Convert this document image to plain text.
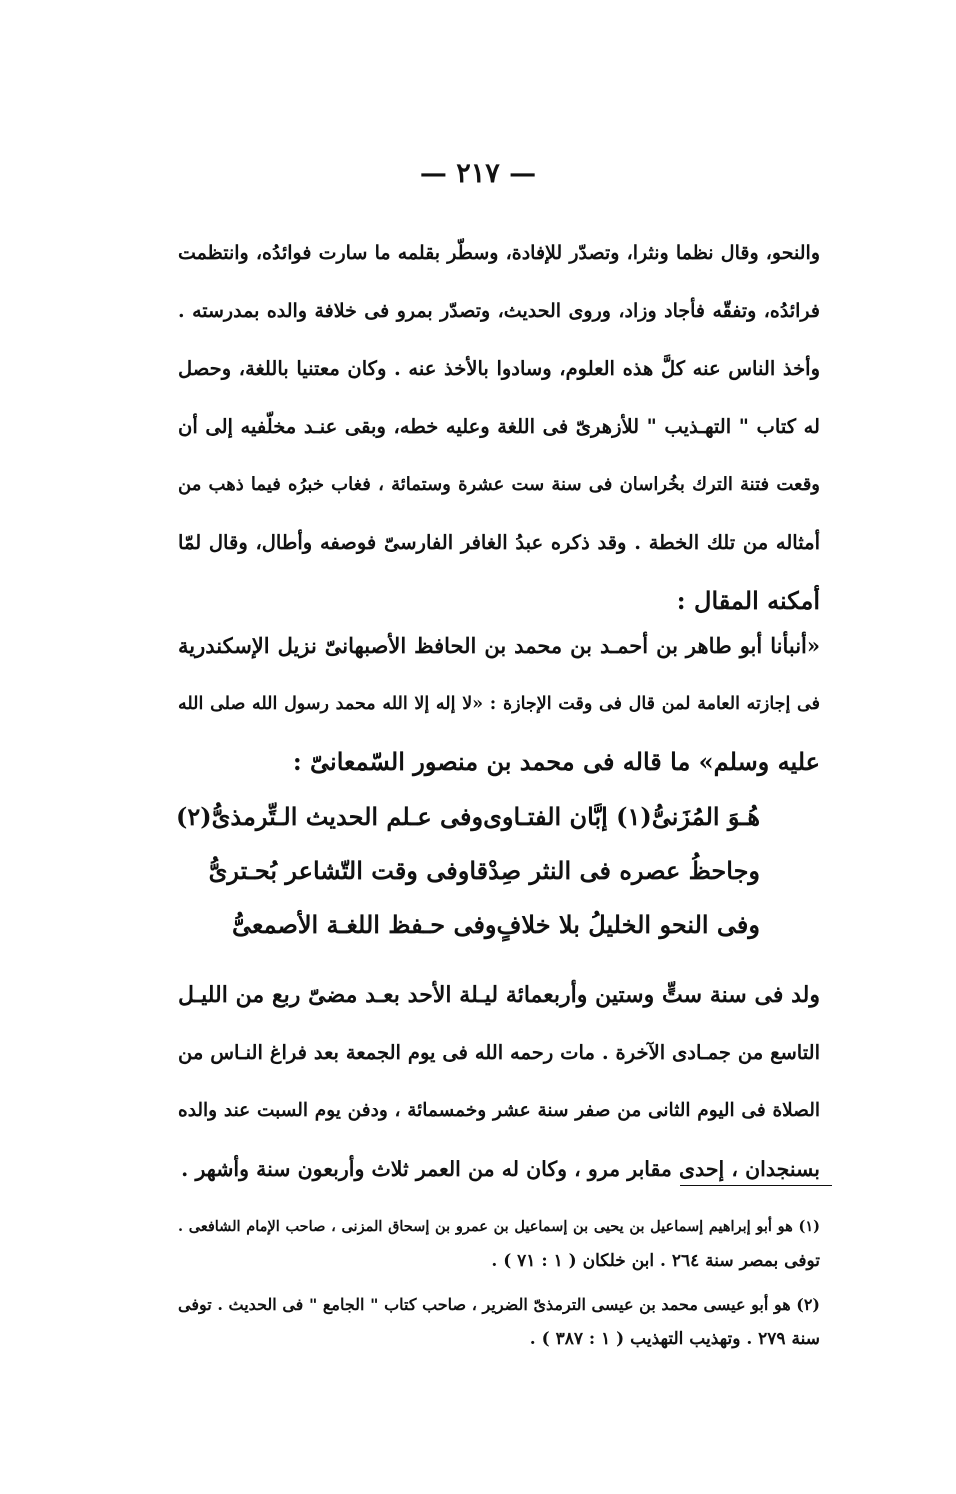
— ٢١٧ —
والنحو، وقال نظما ونثرا، وتصدّر للإفادة، وسطّر بقلمه ما سارت فوائدُه، وانتظمت
فرائدُه، وتفقّه فأجاد وزاد، وروى الحديث، وتصدّر بمرو فى خلافة والده بمدرسته .
وأخذ الناس عنه كلَّ هذه العلوم، وسادوا بالأخذ عنه . وكان معتنيا باللغة، وحصل
له كتاب " التهـذيب " للأزهرىّ فى اللغة وعليه خطه، وبقى عنـد مخلّفيه إلى أن
وقعت فتنة الترك بخُراسان فى سنة ست عشرة وستمائة ، فغاب خبرُه فيما ذهب من
أمثاله من تلك الخطة . وقد ذكره عبدُ الغافر الفارسىّ فوصفه وأطال، وقال لمّا
أمكنه المقال :
«أنبأنا أبو طاهر بن أحمـد بن محمد بن الحافظ الأصبهانىّ نزيل الإسكندرية
فى إجازته العامة لمن قال فى وقت الإجازة : «لا إله إلا الله محمد رسول الله صلى الله
عليه وسلم» ما قاله فى محمد بن منصور السّمعانىّ :
هُـوَ المُزَنىُّ(١) إبَّان الفتـاوى
وفى عـلم الحديث الـتِّرمذىُّ(٢)
وجاحظُ عصره فى النثر صِدْقا
وفى وقت التّشاعر بُحـترىُّ
وفى النحو الخليلُ بلا خلافٍ
وفى حـفظ اللغـة الأصمعىُّ
ولد فى سنة ستٍّ وستين وأربعمائة ليـلة الأحد بعـد مضىّ ربع من الليـل
التاسع من جمـادى الآخرة . مات رحمه الله فى يوم الجمعة بعد فراغ النـاس من
الصلاة فى اليوم الثانى من صفر سنة عشر وخمسمائة ، ودفن يوم السبت عند والده
بسنجدان ، إحدى مقابر مرو ، وكان له من العمر ثلاث وأربعون سنة وأشهر .
(١) هو أبو إبراهيم إسماعيل بن يحيى بن إسماعيل بن عمرو بن إسحاق المزنى ، صاحب الإمام الشافعى .
توفى بمصر سنة ٢٦٤ . ابن خلكان ( ١ : ٧١ ) .
(٢) هو أبو عيسى محمد بن عيسى الترمذىّ الضرير ، صاحب كتاب " الجامع " فى الحديث . توفى
سنة ٢٧٩ . وتهذيب التهذيب ( ١ : ٣٨٧ ) .
